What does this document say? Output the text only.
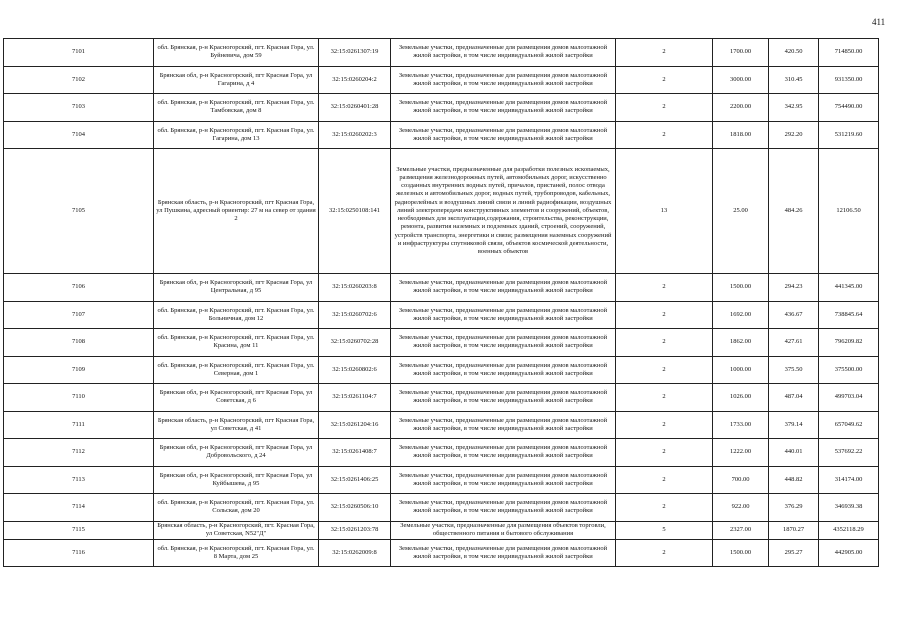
411
7101	обл. Брянская, р-н Красногорский, пгт. Красная Гора, ул. Буйневича, дом 59	32:15:0261307:19	Земельные участки, предназначенные для размещения домов малоэтажной жилой застройки, в том числе индивидуальной жилой застройки	2	1700.00	420.50	714850.00
7102	Брянская обл, р-н Красногорский, пгт Красная Гора, ул Гагарина, д 4	32:15:0260204:2	Земельные участки, предназначенные для размещения домов малоэтажной жилой застройки, в том числе индивидуальной жилой застройки	2	3000.00	310.45	931350.00
7103	обл. Брянская, р-н Красногорский, пгт. Красная Гора, ул. Тамбовская, дом 8	32:15:0260401:28	Земельные участки, предназначенные для размещения домов малоэтажной жилой застройки, в том числе индивидуальной жилой застройки	2	2200.00	342.95	754490.00
7104	обл. Брянская, р-н Красногорский, пгт. Красная Гора, ул. Гагарина, дом 13	32:15:0260202:3	Земельные участки, предназначенные для размещения домов малоэтажной жилой застройки, в том числе индивидуальной жилой застройки	2	1818.00	292.20	531219.60
7105	Брянская область, р-н Красногорский, пгт Красная Гора, ул Пушкина, адресный ориентир: 27 м на север от здания 2	32:15:0250108:141	Земельные участки, предназначенные для разработки полезных ископаемых, размещения железнодорожных путей, автомобильных дорог, искусственно созданных внутренних водных путей, причалов, пристаней, полос отвода железных и автомобильных дорог, водных путей, трубопроводов, кабельных, радиорелейных и воздушных линий связи и линий радиофикации, воздушных линий электропередачи конструктивных элементов и сооружений, объектов, необходимых для эксплуатации,содержания, строительства, реконструкции, ремонта, развития наземных и подземных зданий, строений, сооружений, устройств транспорта, энергетики и связи; размещения наземных сооружений и инфраструктуры спутниковой связи, объектов космической деятельности, военных объектов	13	25.00	484.26	12106.50
7106	Брянская обл, р-н Красногорский, пгт Красная Гора, ул Центральная, д 95	32:15:0260203:8	Земельные участки, предназначенные для размещения домов малоэтажной жилой застройки, в том числе индивидуальной жилой застройки	2	1500.00	294.23	441345.00
7107	обл. Брянская, р-н Красногорский, пгт. Красная Гора, ул. Больничная, дом 12	32:15:0260702:6	Земельные участки, предназначенные для размещения домов малоэтажной жилой застройки, в том числе индивидуальной жилой застройки	2	1692.00	436.67	738845.64
7108	обл. Брянская, р-н Красногорский, пгт. Красная Гора, ул. Красина, дом 11	32:15:0260702:28	Земельные участки, предназначенные для размещения домов малоэтажной жилой застройки, в том числе индивидуальной жилой застройки	2	1862.00	427.61	796209.82
7109	обл. Брянская, р-н Красногорский, пгт. Красная Гора, ул. Северная, дом 1	32:15:0260802:6	Земельные участки, предназначенные для размещения домов малоэтажной жилой застройки, в том числе индивидуальной жилой застройки	2	1000.00	375.50	375500.00
7110	Брянская обл, р-н Красногорский, пгт Красная Гора, ул Советская, д 6	32:15:0261104:7	Земельные участки, предназначенные для размещения домов малоэтажной жилой застройки, в том числе индивидуальной жилой застройки	2	1026.00	487.04	499703.04
7111	Брянская область, р-н Красногорский, пгт Красная Гора, ул Советская, д 41	32:15:0261204:16	Земельные участки, предназначенные для размещения домов малоэтажной жилой застройки, в том числе индивидуальной жилой застройки	2	1733.00	379.14	657049.62
7112	Брянская обл, р-н Красногорский, пгт Красная Гора, ул Добровольского, д 24	32:15:0261408:7	Земельные участки, предназначенные для размещения домов малоэтажной жилой застройки, в том числе индивидуальной жилой застройки	2	1222.00	440.01	537692.22
7113	Брянская обл, р-н Красногорский, пгт Красная Гора, ул Куйбышева, д 95	32:15:0261406:25	Земельные участки, предназначенные для размещения домов малоэтажной жилой застройки, в том числе индивидуальной жилой застройки	2	700.00	448.82	314174.00
7114	обл. Брянская, р-н Красногорский, пгт. Красная Гора, ул. Сольская, дом 20	32:15:0260506:10	Земельные участки, предназначенные для размещения домов малоэтажной жилой застройки, в том числе индивидуальной жилой застройки	2	922.00	376.29	346939.38
7115	Брянская область, р-н Красногорский, пгт. Красная Гора, ул Советская, N52"Д"	32:15:0261203:78	Земельные участки, предназначенные для размещения объектов торговли, общественного питания и бытового обслуживания	5	2327.00	1870.27	4352118.29
7116	обл. Брянская, р-н Красногорский, пгт. Красная Гора, ул. 8 Марта, дом 25	32:15:0262009:8	Земельные участки, предназначенные для размещения домов малоэтажной жилой застройки, в том числе индивидуальной жилой застройки	2	1500.00	295.27	442905.00
